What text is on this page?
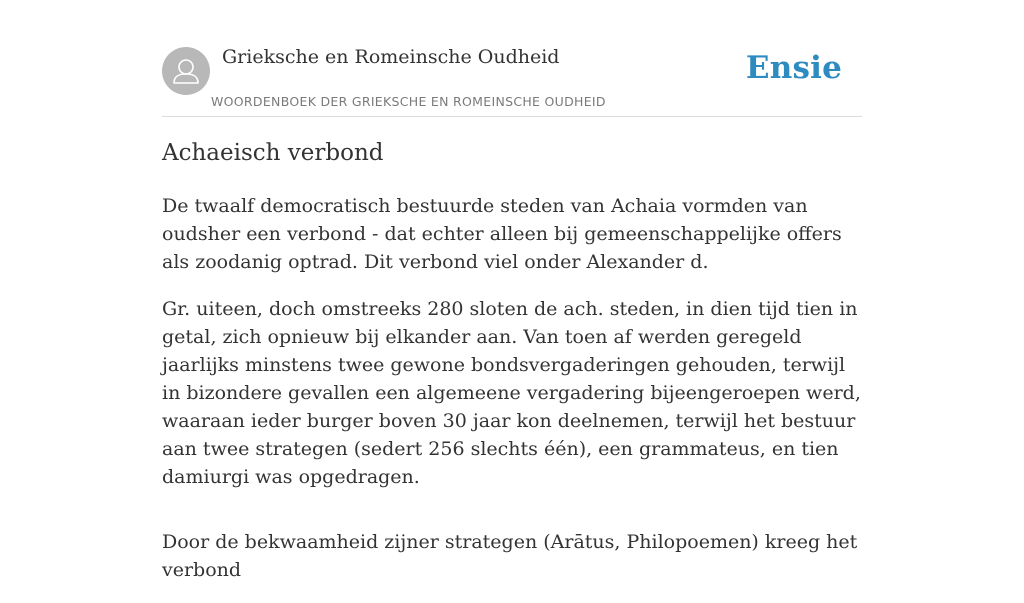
Grieksche en Romeinsche Oudheid
WOORDENBOEK DER GRIEKSCHE EN ROMEINSCHE OUDHEID
Ensie
Achaeisch verbond

De twaalf democratisch bestuurde steden van Achaia vormden van oudsher een verbond - dat echter alleen bij gemeenschappelijke offers als zoodanig optrad. Dit verbond viel onder Alexander d.

Gr. uiteen, doch omstreeks 280 sloten de ach. steden, in dien tijd tien in getal, zich opnieuw bij elkander aan. Van toen af werden geregeld jaarlijks minstens twee gewone bondsvergaderingen gehouden, terwijl in bizondere gevallen een algemeene vergadering bijeengeroepen werd, waaraan ieder burger boven 30 jaar kon deelnemen, terwijl het bestuur aan twee strategen (sedert 256 slechts één), een grammateus, en tien damiurgi was opgedragen.

Door de bekwaamheid zijner strategen (Arātus, Philopoemen) kreeg het verbond
